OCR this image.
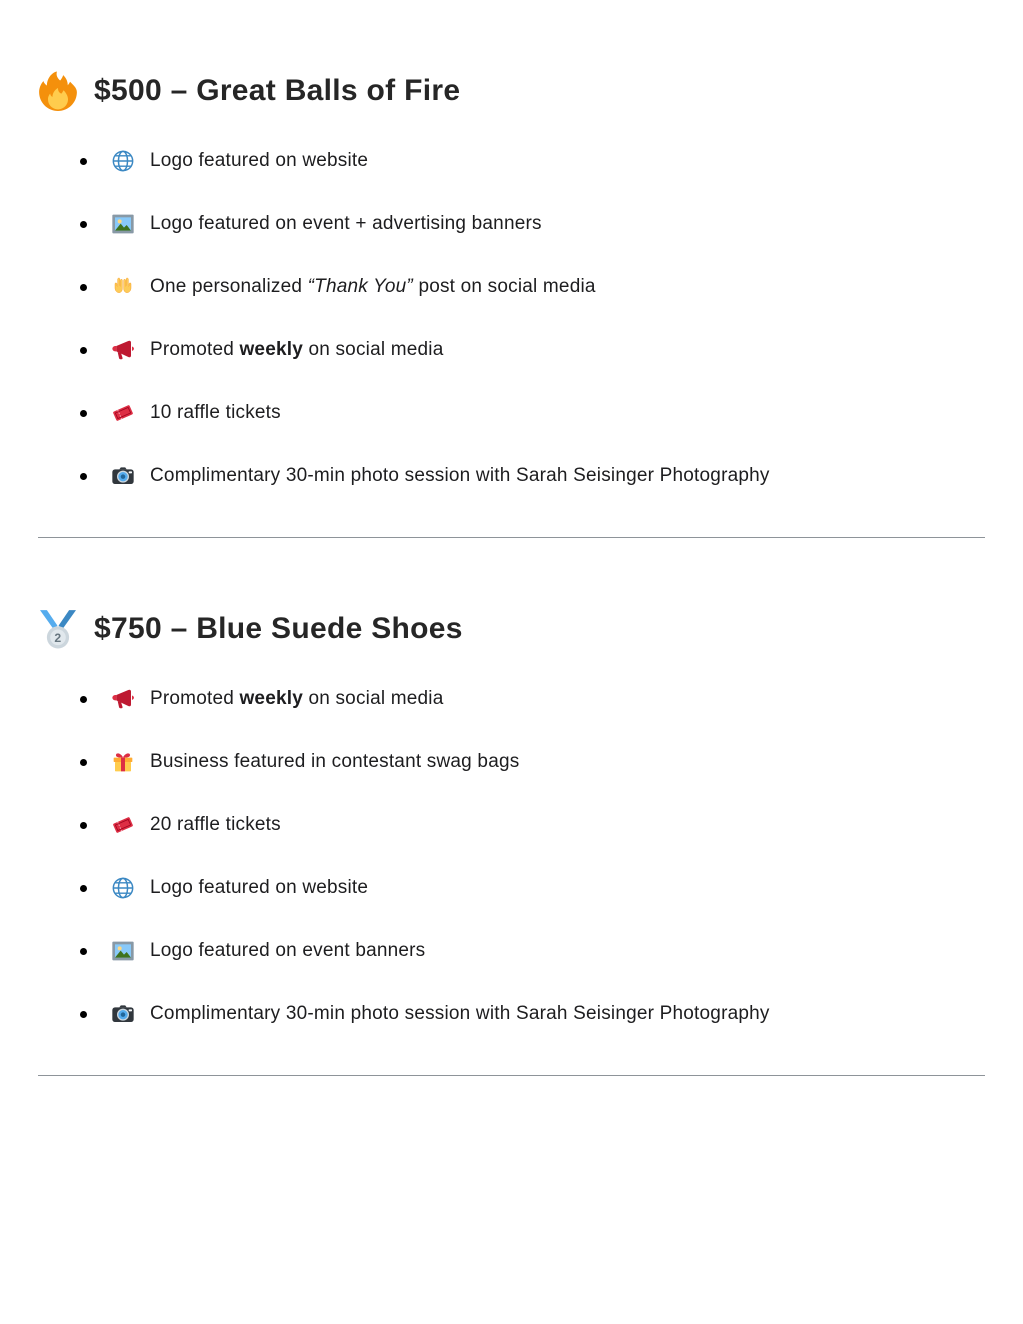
$500 – Great Balls of Fire
Logo featured on website
Logo featured on event + advertising banners
One personalized “Thank You” post on social media
Promoted weekly on social media
10 raffle tickets
Complimentary 30-min photo session with Sarah Seisinger Photography
2 $750 – Blue Suede Shoes
Promoted weekly on social media
Business featured in contestant swag bags
20 raffle tickets
Logo featured on website
Logo featured on event banners
Complimentary 30-min photo session with Sarah Seisinger Photography
